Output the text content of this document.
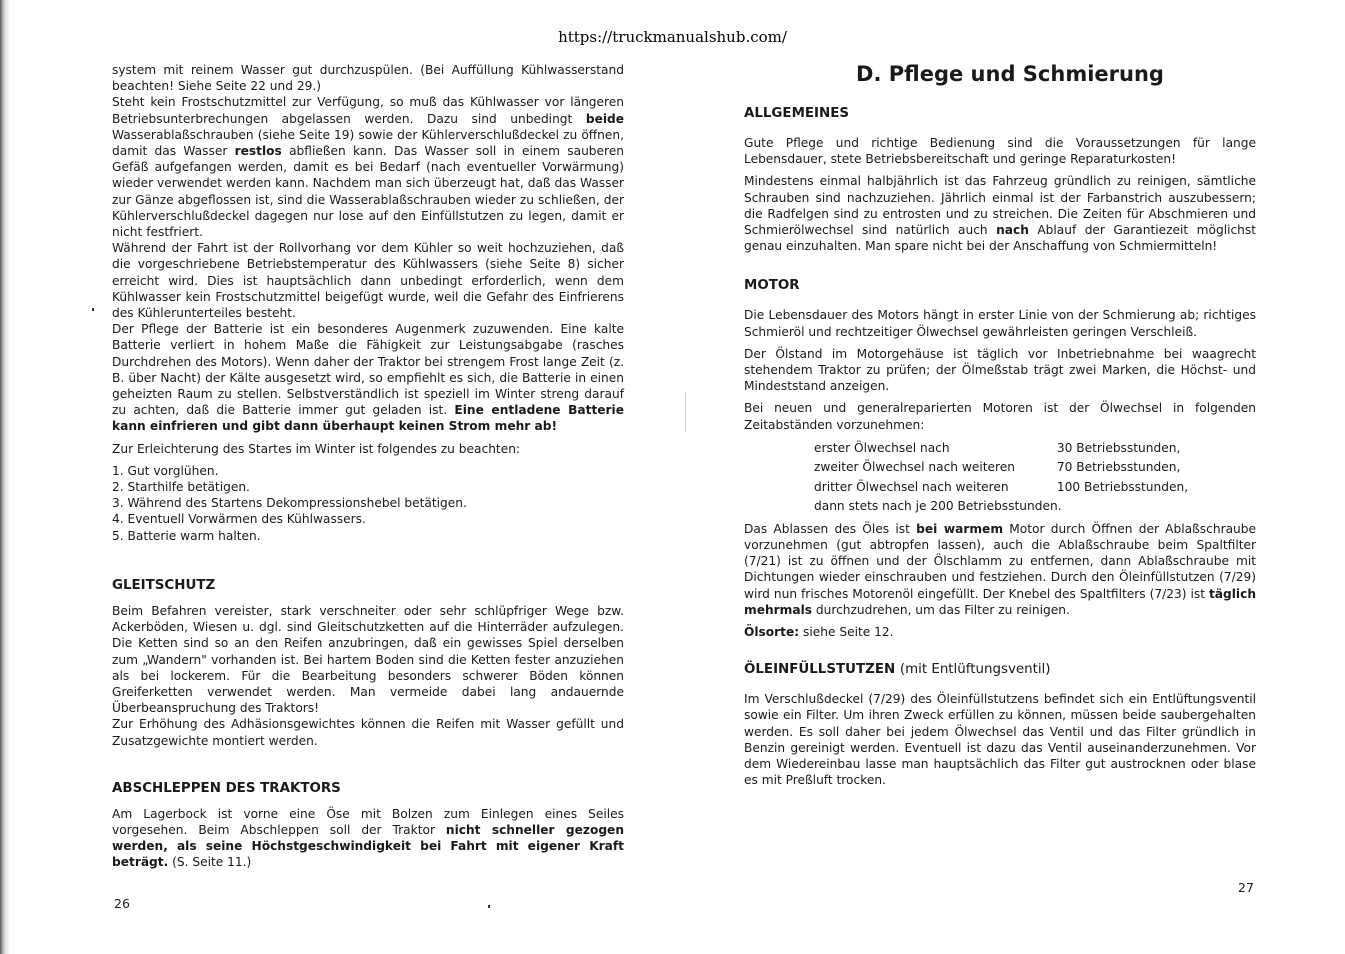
https://truckmanualshub.com/

system mit reinem Wasser gut durchzuspülen. (Bei Auffüllung Kühlwasserstand beachten! Siehe Seite 22 und 29.)

Steht kein Frostschutzmittel zur Verfügung, so muß das Kühlwasser vor längeren Betriebsunterbrechungen abgelassen werden. Dazu sind unbedingt beide Wasserablaßschrauben (siehe Seite 19) sowie der Kühlerverschlußdeckel zu öffnen, damit das Wasser restlos abfließen kann. Das Wasser soll in einem sauberen Gefäß aufgefangen werden, damit es bei Bedarf (nach eventueller Vorwärmung) wieder verwendet werden kann. Nachdem man sich überzeugt hat, daß das Wasser zur Gänze abgeflossen ist, sind die Wasserablaßschrauben wieder zu schließen, der Kühlerverschlußdeckel dagegen nur lose auf den Einfüllstutzen zu legen, damit er nicht festfriert.

Während der Fahrt ist der Rollvorhang vor dem Kühler so weit hochzuziehen, daß die vorgeschriebene Betriebstemperatur des Kühlwassers (siehe Seite 8) sicher erreicht wird. Dies ist hauptsächlich dann unbedingt erforderlich, wenn dem Kühlwasser kein Frostschutzmittel beigefügt wurde, weil die Gefahr des Einfrierens des Kühlerunterteiles besteht.

Der Pflege der Batterie ist ein besonderes Augenmerk zuzuwenden. Eine kalte Batterie verliert in hohem Maße die Fähigkeit zur Leistungsabgabe (rasches Durchdrehen des Motors). Wenn daher der Traktor bei strengem Frost lange Zeit (z. B. über Nacht) der Kälte ausgesetzt wird, so empfiehlt es sich, die Batterie in einen geheizten Raum zu stellen. Selbstverständlich ist speziell im Winter streng darauf zu achten, daß die Batterie immer gut geladen ist. Eine entladene Batterie kann einfrieren und gibt dann überhaupt keinen Strom mehr ab!

Zur Erleichterung des Startes im Winter ist folgendes zu beachten:

1. Gut vorglühen.
2. Starthilfe betätigen.
3. Während des Startens Dekompressionshebel betätigen.
4. Eventuell Vorwärmen des Kühlwassers.
5. Batterie warm halten.
GLEITSCHUTZ

Beim Befahren vereister, stark verschneiter oder sehr schlüpfriger Wege bzw. Ackerböden, Wiesen u. dgl. sind Gleitschutzketten auf die Hinterräder aufzulegen. Die Ketten sind so an den Reifen anzubringen, daß ein gewisses Spiel derselben zum „Wandern" vorhanden ist. Bei hartem Boden sind die Ketten fester anzuziehen als bei lockerem. Für die Bearbeitung besonders schwerer Böden können Greiferketten verwendet werden. Man vermeide dabei lang andauernde Überbeanspruchung des Traktors!

Zur Erhöhung des Adhäsionsgewichtes können die Reifen mit Wasser gefüllt und Zusatzgewichte montiert werden.

ABSCHLEPPEN DES TRAKTORS

Am Lagerbock ist vorne eine Öse mit Bolzen zum Einlegen eines Seiles vorgesehen. Beim Abschleppen soll der Traktor nicht schneller gezogen werden, als seine Höchstgeschwindigkeit bei Fahrt mit eigener Kraft beträgt. (S. Seite 11.)

26
D. Pflege und Schmierung
ALLGEMEINES

Gute Pflege und richtige Bedienung sind die Voraussetzungen für lange Lebensdauer, stete Betriebsbereitschaft und geringe Reparaturkosten!

Mindestens einmal halbjährlich ist das Fahrzeug gründlich zu reinigen, sämtliche Schrauben sind nachzuziehen. Jährlich einmal ist der Farbanstrich auszubessern; die Radfelgen sind zu entrosten und zu streichen. Die Zeiten für Abschmieren und Schmierölwechsel sind natürlich auch nach Ablauf der Garantiezeit möglichst genau einzuhalten. Man spare nicht bei der Anschaffung von Schmiermitteln!

MOTOR

Die Lebensdauer des Motors hängt in erster Linie von der Schmierung ab; richtiges Schmieröl und rechtzeitiger Ölwechsel gewährleisten geringen Verschleiß.

Der Ölstand im Motorgehäuse ist täglich vor Inbetriebnahme bei waagrecht stehendem Traktor zu prüfen; der Ölmeßstab trägt zwei Marken, die Höchst- und Mindeststand anzeigen.

Bei neuen und generalreparierten Motoren ist der Ölwechsel in folgenden Zeitabständen vorzunehmen:

erster Ölwechsel nach	30 Betriebsstunden,
zweiter Ölwechsel nach weiteren	70 Betriebsstunden,
dritter Ölwechsel nach weiteren	100 Betriebsstunden,
dann stets nach je 200 Betriebsstunden.

Das Ablassen des Öles ist bei warmem Motor durch Öffnen der Ablaßschraube vorzunehmen (gut abtropfen lassen), auch die Ablaßschraube beim Spaltfilter (7/21) ist zu öffnen und der Ölschlamm zu entfernen, dann Ablaßschraube mit Dichtungen wieder einschrauben und festziehen. Durch den Öleinfüllstutzen (7/29) wird nun frisches Motorenöl eingefüllt. Der Knebel des Spaltfilters (7/23) ist täglich mehrmals durchzudrehen, um das Filter zu reinigen.

Ölsorte: siehe Seite 12.

ÖLEINFÜLLSTUTZEN (mit Entlüftungsventil)

Im Verschlußdeckel (7/29) des Öleinfüllstutzens befindet sich ein Entlüftungsventil sowie ein Filter. Um ihren Zweck erfüllen zu können, müssen beide saubergehalten werden. Es soll daher bei jedem Ölwechsel das Ventil und das Filter gründlich in Benzin gereinigt werden. Eventuell ist dazu das Ventil auseinanderzunehmen. Vor dem Wiedereinbau lasse man hauptsächlich das Filter gut austrocknen oder blase es mit Preßluft trocken.

27
